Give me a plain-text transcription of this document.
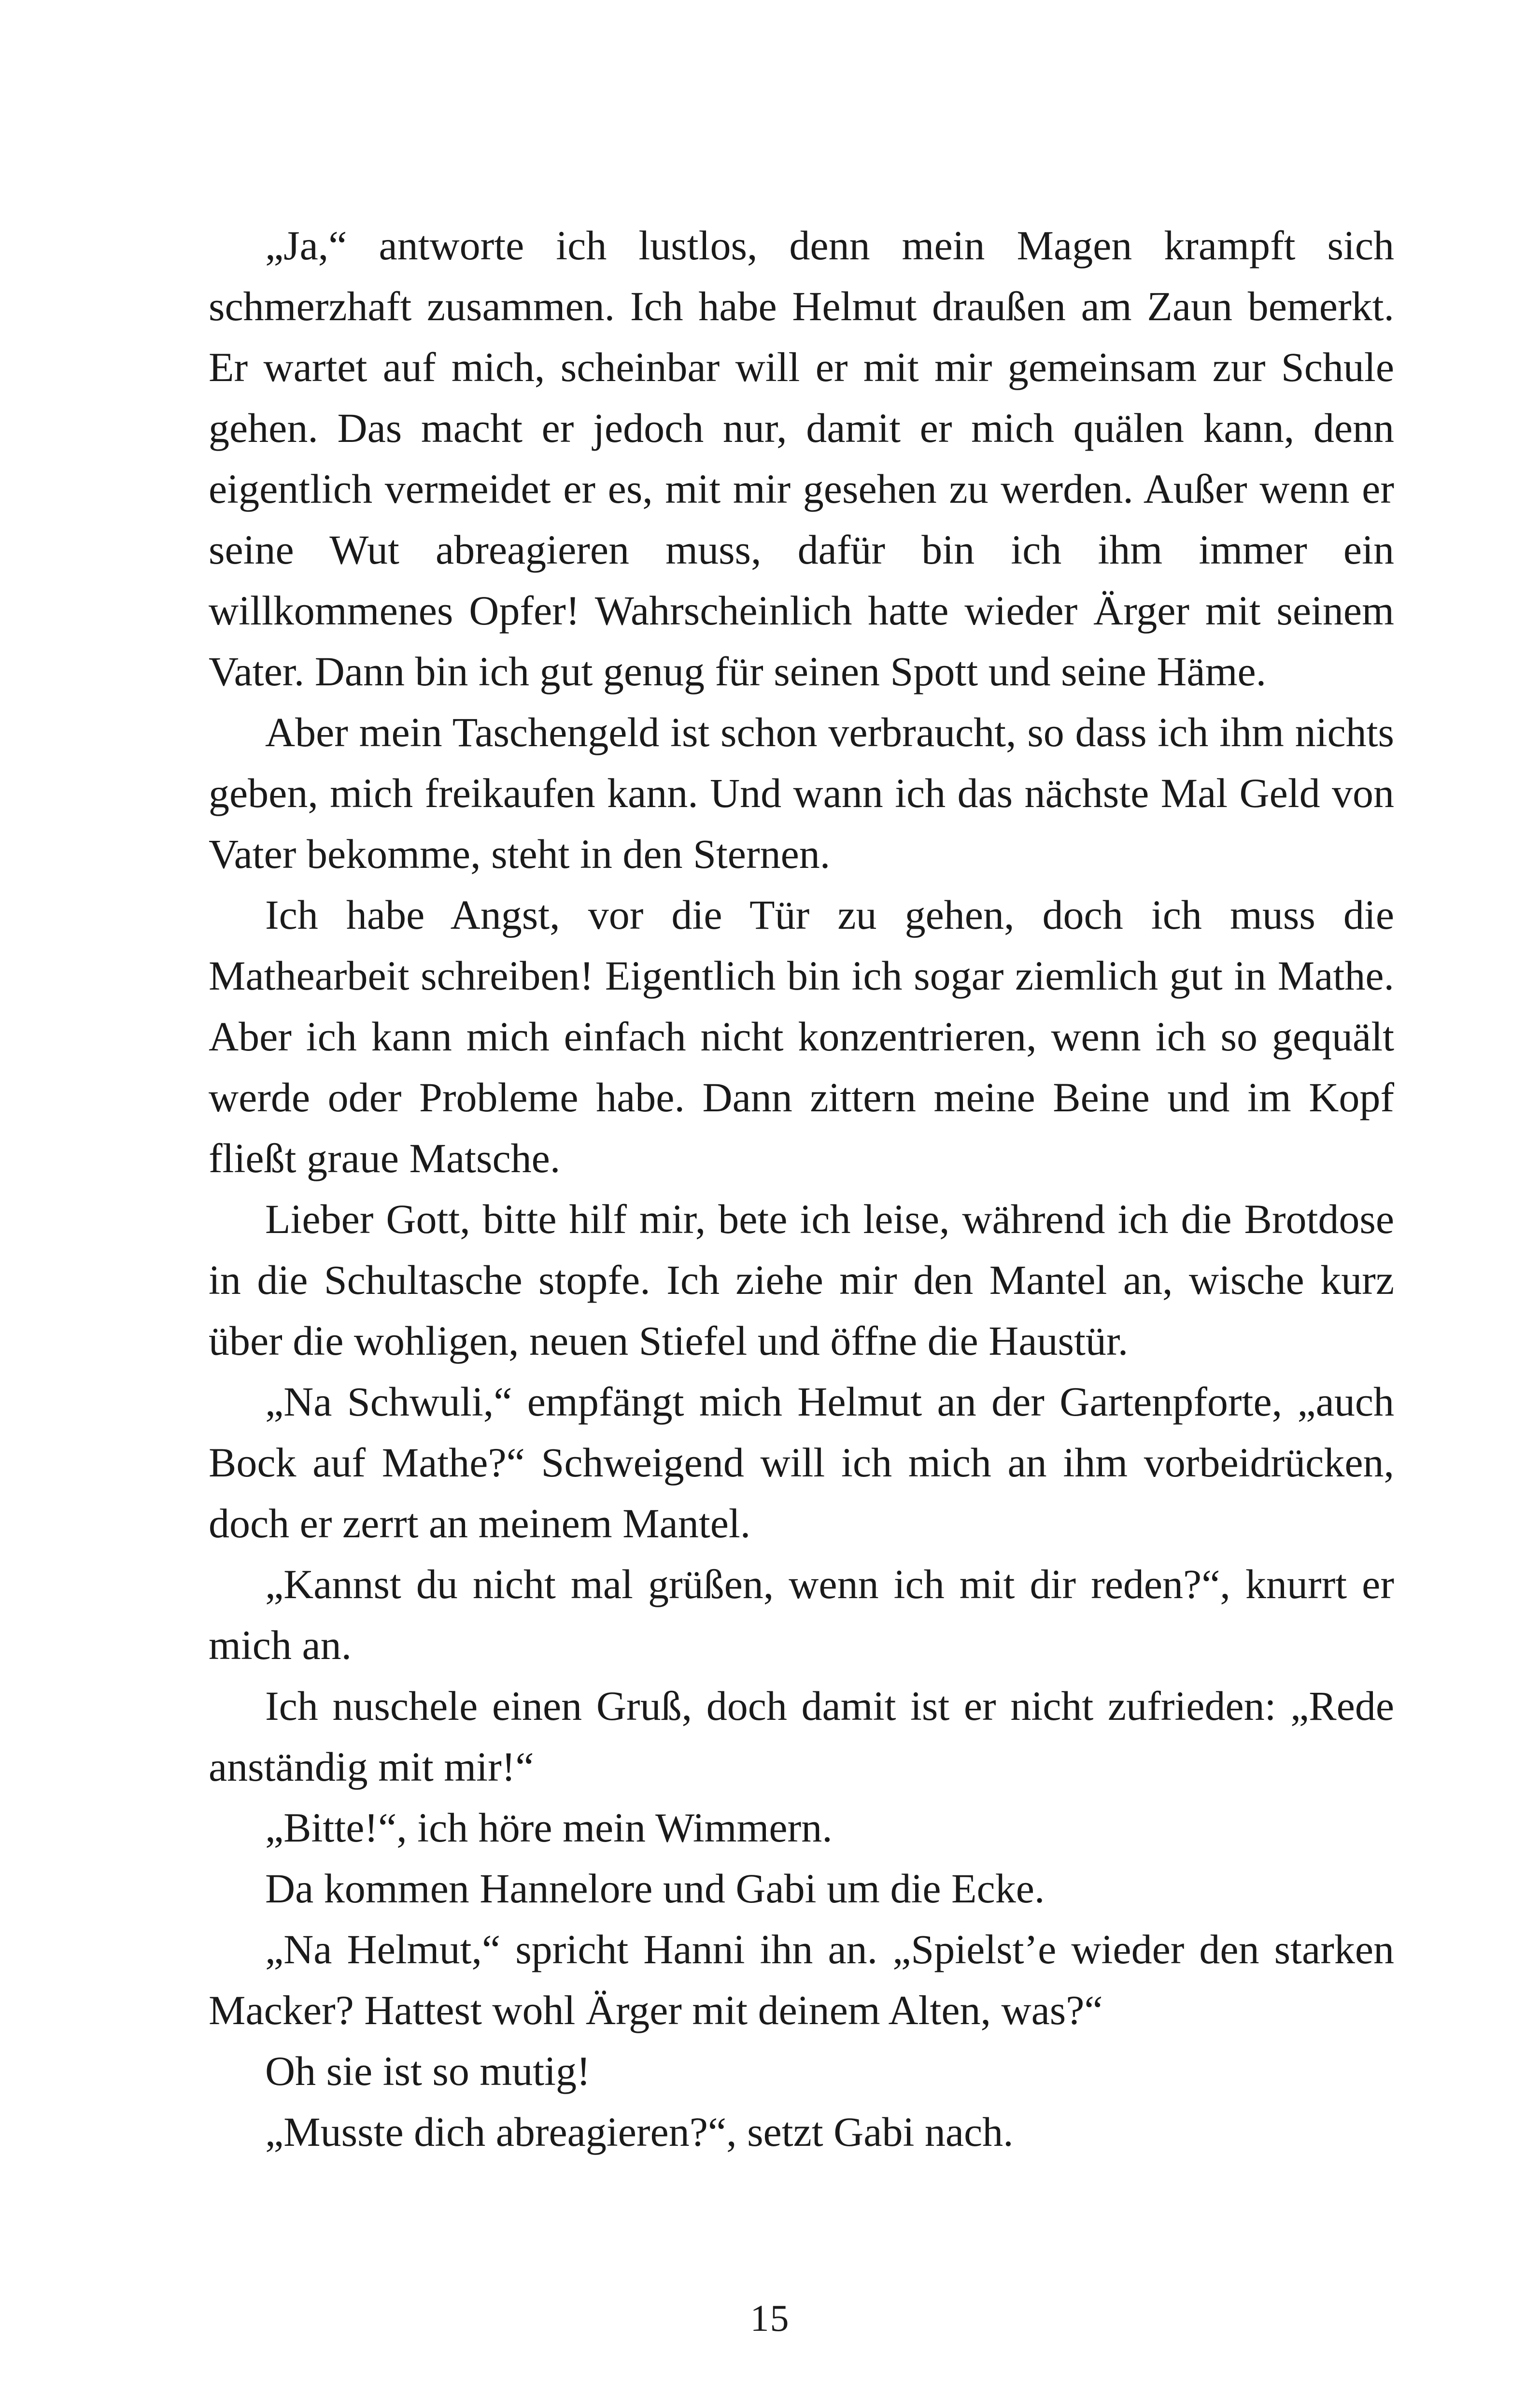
„Ja,“ antworte ich lustlos, denn mein Magen krampft sich schmerzhaft zusammen. Ich habe Helmut draußen am Zaun bemerkt. Er wartet auf mich, scheinbar will er mit mir gemeinsam zur Schule gehen. Das macht er jedoch nur, damit er mich quälen kann, denn eigentlich vermeidet er es, mit mir gesehen zu werden. Außer wenn er seine Wut abreagieren muss, dafür bin ich ihm immer ein willkommenes Opfer! Wahrscheinlich hatte wieder Ärger mit seinem Vater. Dann bin ich gut genug für seinen Spott und seine Häme.

Aber mein Taschengeld ist schon verbraucht, so dass ich ihm nichts geben, mich freikaufen kann. Und wann ich das nächste Mal Geld von Vater bekomme, steht in den Sternen.

Ich habe Angst, vor die Tür zu gehen, doch ich muss die Mathearbeit schreiben! Eigentlich bin ich sogar ziemlich gut in Mathe. Aber ich kann mich einfach nicht konzentrieren, wenn ich so gequält werde oder Probleme habe. Dann zittern meine Beine und im Kopf fließt graue Matsche.

Lieber Gott, bitte hilf mir, bete ich leise, während ich die Brotdose in die Schultasche stopfe. Ich ziehe mir den Mantel an, wische kurz über die wohligen, neuen Stiefel und öffne die Haustür.

„Na Schwuli,“ empfängt mich Helmut an der Gartenpforte, „auch Bock auf Mathe?“ Schweigend will ich mich an ihm vorbeidrücken, doch er zerrt an meinem Mantel.

„Kannst du nicht mal grüßen, wenn ich mit dir reden?“, knurrt er mich an.

Ich nuschele einen Gruß, doch damit ist er nicht zufrieden: „Rede anständig mit mir!“

„Bitte!“, ich höre mein Wimmern.

Da kommen Hannelore und Gabi um die Ecke.

„Na Helmut,“ spricht Hanni ihn an. „Spielst’e wieder den starken Macker? Hattest wohl Ärger mit deinem Alten, was?“

Oh sie ist so mutig!

„Musste dich abreagieren?“, setzt Gabi nach.

15
